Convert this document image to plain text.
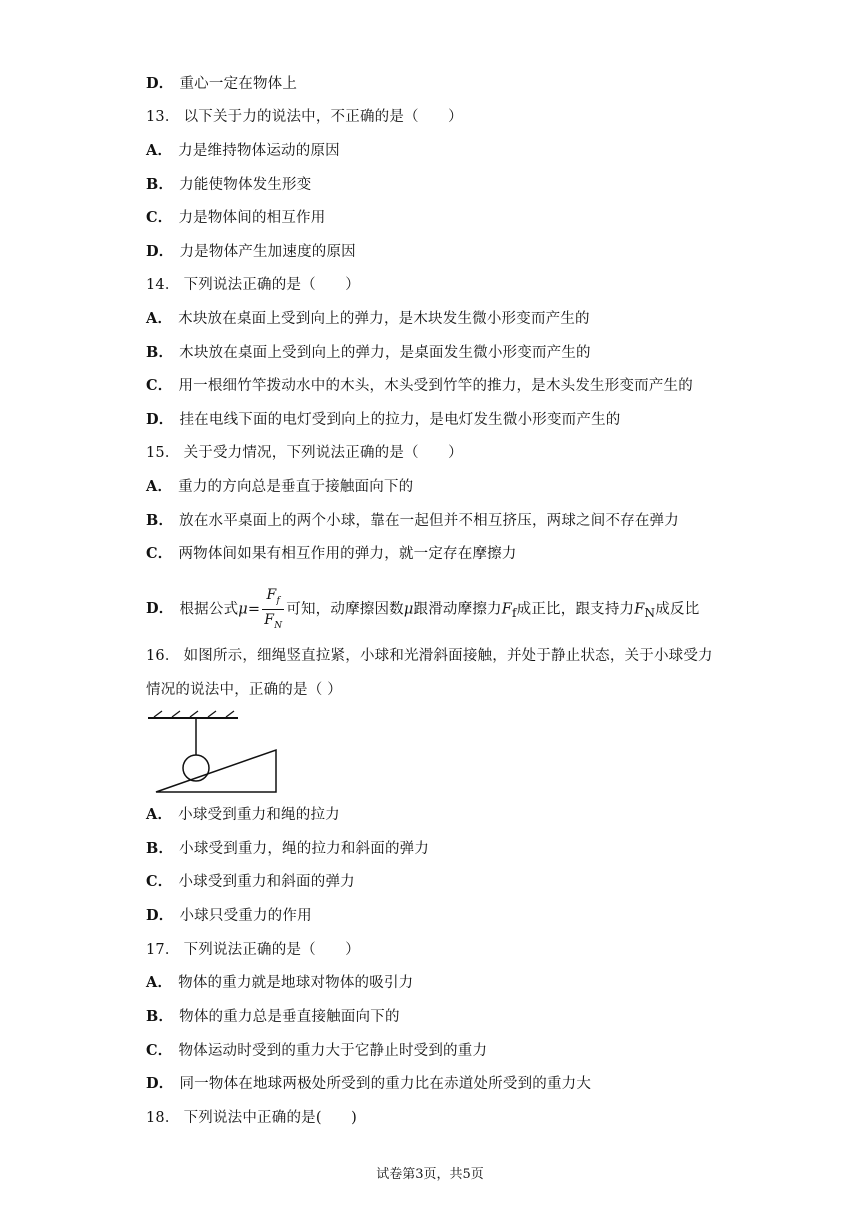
D． 重心一定在物体上
13． 以下关于力的说法中，不正确的是（　　）
A． 力是维持物体运动的原因
B． 力能使物体发生形变
C． 力是物体间的相互作用
D． 力是物体产生加速度的原因
14． 下列说法正确的是（　　）
A． 木块放在桌面上受到向上的弹力，是木块发生微小形变而产生的
B． 木块放在桌面上受到向上的弹力，是桌面发生微小形变而产生的
C． 用一根细竹竿拨动水中的木头，木头受到竹竿的推力，是木头发生形变而产生的
D． 挂在电线下面的电灯受到向上的拉力，是电灯发生微小形变而产生的
15． 关于受力情况，下列说法正确的是（　　）
A． 重力的方向总是垂直于接触面向下的
B． 放在水平桌面上的两个小球，靠在一起但并不相互挤压，两球之间不存在弹力
C． 两物体间如果有相互作用的弹力，就一定存在摩擦力
D． 根据公式$\mu= \frac{F_f}{F_N}$ 可知，动摩擦因数μ跟滑动摩擦力$F_f$成正比，跟支持力$F_N$成反比
16． 如图所示，细绳竖直拉紧，小球和光滑斜面接触，并处于静止状态，关于小球受力
情况的说法中，正确的是（ ）
A． 小球受到重力和绳的拉力
B． 小球受到重力，绳的拉力和斜面的弹力
C． 小球受到重力和斜面的弹力
D． 小球只受重力的作用
17． 下列说法正确的是（　　）
A． 物体的重力就是地球对物体的吸引力
B． 物体的重力总是垂直接触面向下的
C． 物体运动时受到的重力大于它静止时受到的重力
D． 同一物体在地球两极处所受到的重力比在赤道处所受到的重力大
18． 下列说法中正确的是(　　)
试卷第3页，共5页
